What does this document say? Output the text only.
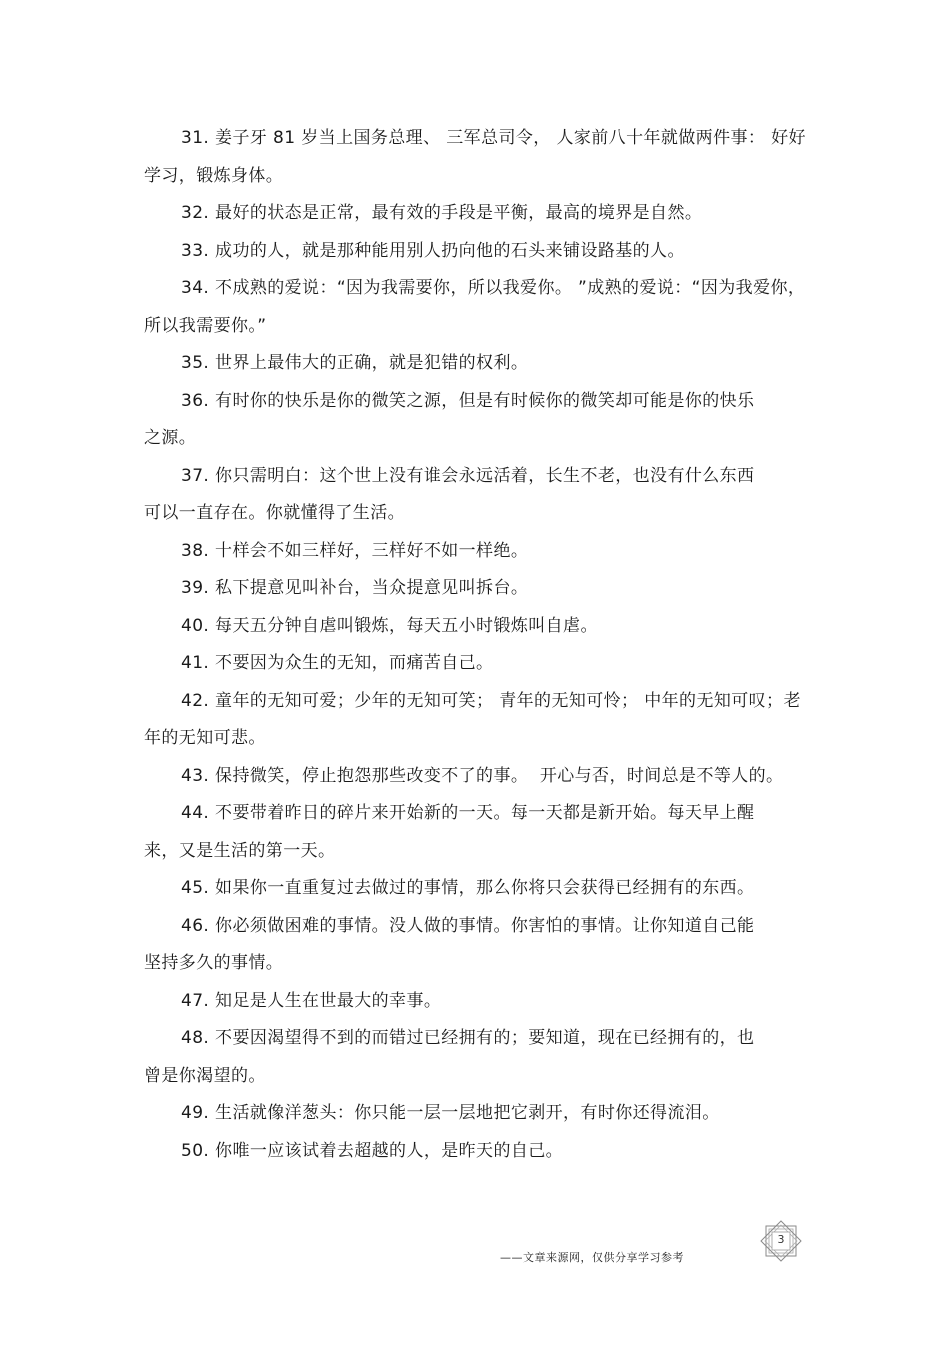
31. 姜子牙 81 岁当上国务总理、 三军总司令， 人家前八十年就做两件事： 好好学习，锻炼身体。

32. 最好的状态是正常，最有效的手段是平衡，最高的境界是自然。

33. 成功的人，就是那种能用别人扔向他的石头来铺设路基的人。

34. 不成熟的爱说：“因为我需要你，所以我爱你。 ”成熟的爱说：“因为我爱你，所以我需要你。”

35. 世界上最伟大的正确，就是犯错的权利。

36. 有时你的快乐是你的微笑之源，但是有时候你的微笑却可能是你的快乐
之源。

37. 你只需明白：这个世上没有谁会永远活着，长生不老，也没有什么东西
可以一直存在。你就懂得了生活。

38. 十样会不如三样好，三样好不如一样绝。

39. 私下提意见叫补台，当众提意见叫拆台。

40. 每天五分钟自虐叫锻炼，每天五小时锻炼叫自虐。

41. 不要因为众生的无知，而痛苦自己。

42. 童年的无知可爱；少年的无知可笑； 青年的无知可怜； 中年的无知可叹；老年的无知可悲。

43. 保持微笑，停止抱怨那些改变不了的事。  开心与否，时间总是不等人的。

44. 不要带着昨日的碎片来开始新的一天。每一天都是新开始。每天早上醒
来，又是生活的第一天。

45. 如果你一直重复过去做过的事情，那么你将只会获得已经拥有的东西。

46. 你必须做困难的事情。没人做的事情。你害怕的事情。让你知道自己能
坚持多久的事情。

47. 知足是人生在世最大的幸事。

48. 不要因渴望得不到的而错过已经拥有的；要知道，现在已经拥有的，也
曾是你渴望的。

49. 生活就像洋葱头：你只能一层一层地把它剥开，有时你还得流泪。

50. 你唯一应该试着去超越的人，是昨天的自己。

——文章来源网，仅供分享学习参考
3
